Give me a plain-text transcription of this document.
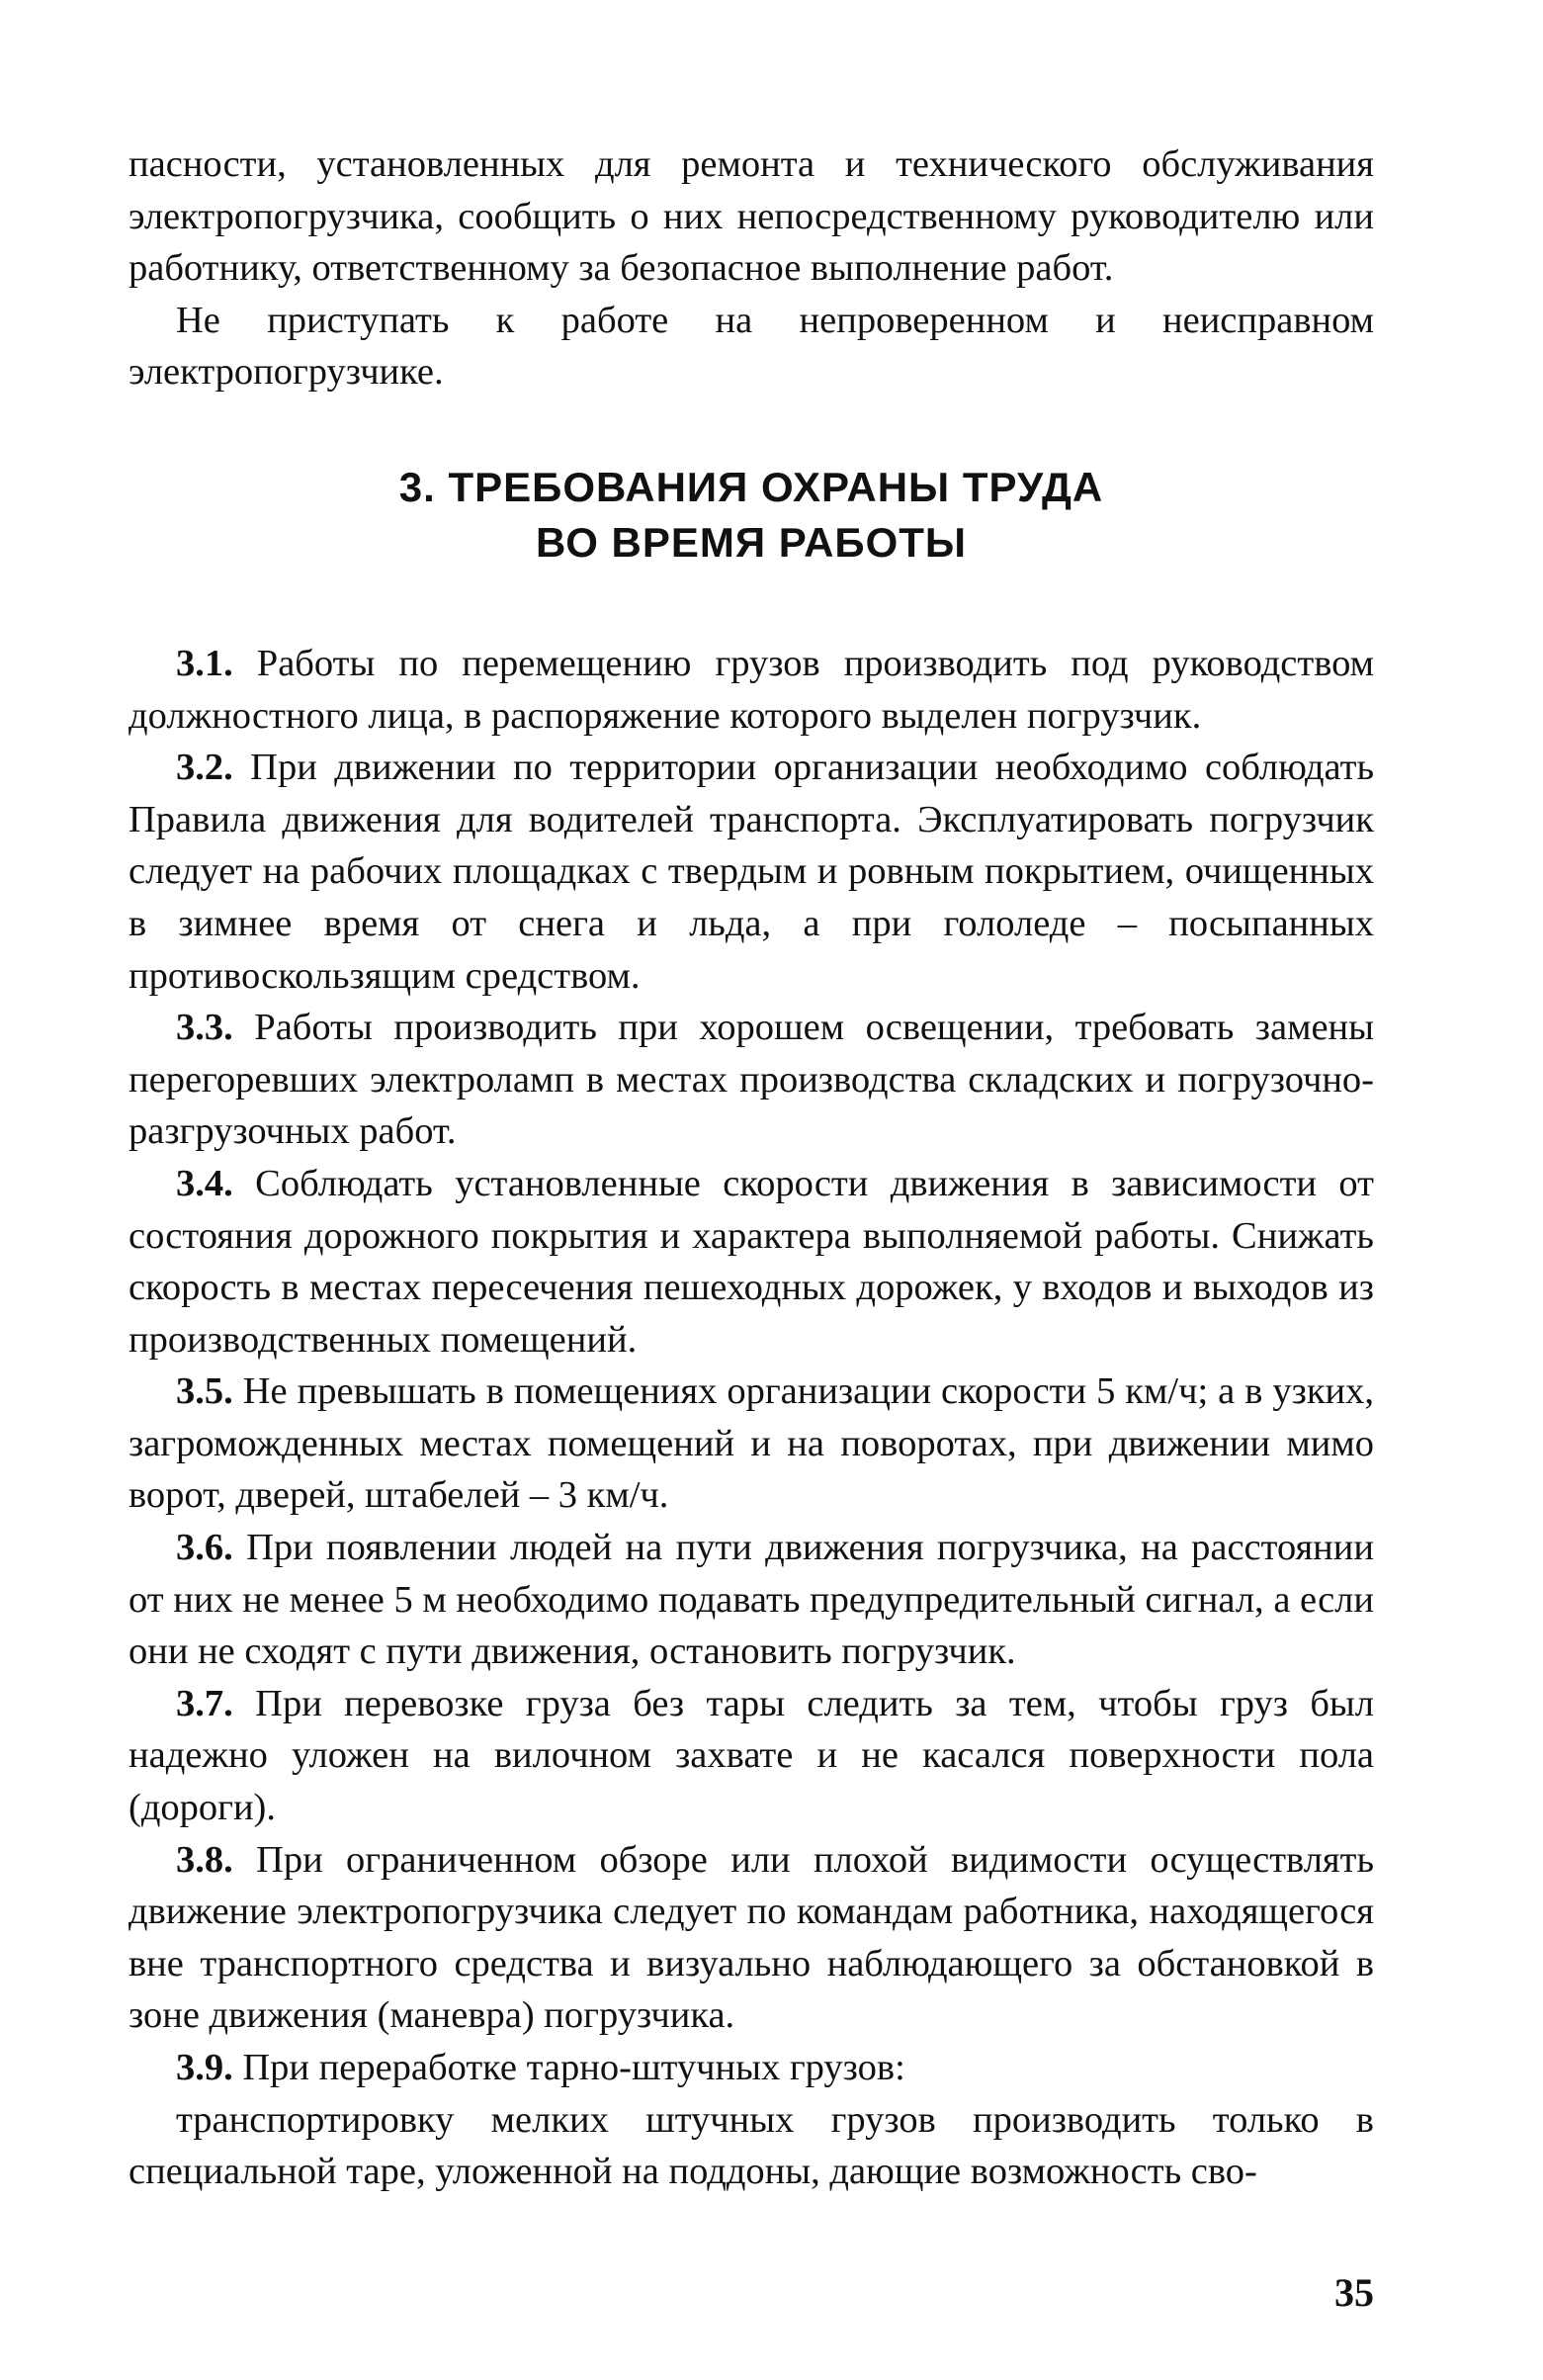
пасности, установленных для ремонта и технического обслуживания электропогрузчика, сообщить о них непосредственному руководителю или работнику, ответственному за безопасное выполнение работ.

Не приступать к работе на непроверенном и неисправном электропогрузчике.

3. ТРЕБОВАНИЯ ОХРАНЫ ТРУДА
ВО ВРЕМЯ РАБОТЫ

3.1. Работы по перемещению грузов производить под руководством должностного лица, в распоряжение которого выделен погрузчик.

3.2. При движении по территории организации необходимо соблюдать Правила движения для водителей транспорта. Эксплуатировать погрузчик следует на рабочих площадках с твердым и ровным покрытием, очищенных в зимнее время от снега и льда, а при гололеде – посыпанных противоскользящим средством.

3.3. Работы производить при хорошем освещении, требовать замены перегоревших электроламп в местах производства складских и погрузочно-разгрузочных работ.

3.4. Соблюдать установленные скорости движения в зависимости от состояния дорожного покрытия и характера выполняемой работы. Снижать скорость в местах пересечения пешеходных дорожек, у входов и выходов из производственных помещений.

3.5. Не превышать в помещениях организации скорости 5 км/ч; а в узких, загроможденных местах помещений и на поворотах, при движении мимо ворот, дверей, штабелей – 3 км/ч.

3.6. При появлении людей на пути движения погрузчика, на расстоянии от них не менее 5 м необходимо подавать предупредительный сигнал, а если они не сходят с пути движения, остановить погрузчик.

3.7. При перевозке груза без тары следить за тем, чтобы груз был надежно уложен на вилочном захвате и не касался поверхности пола (дороги).

3.8. При ограниченном обзоре или плохой видимости осуществлять движение электропогрузчика следует по командам работника, находящегося вне транспортного средства и визуально наблюдающего за обстановкой в зоне движения (маневра) погрузчика.

3.9. При переработке тарно-штучных грузов:

транспортировку мелких штучных грузов производить только в специальной таре, уложенной на поддоны, дающие возможность сво-

35
